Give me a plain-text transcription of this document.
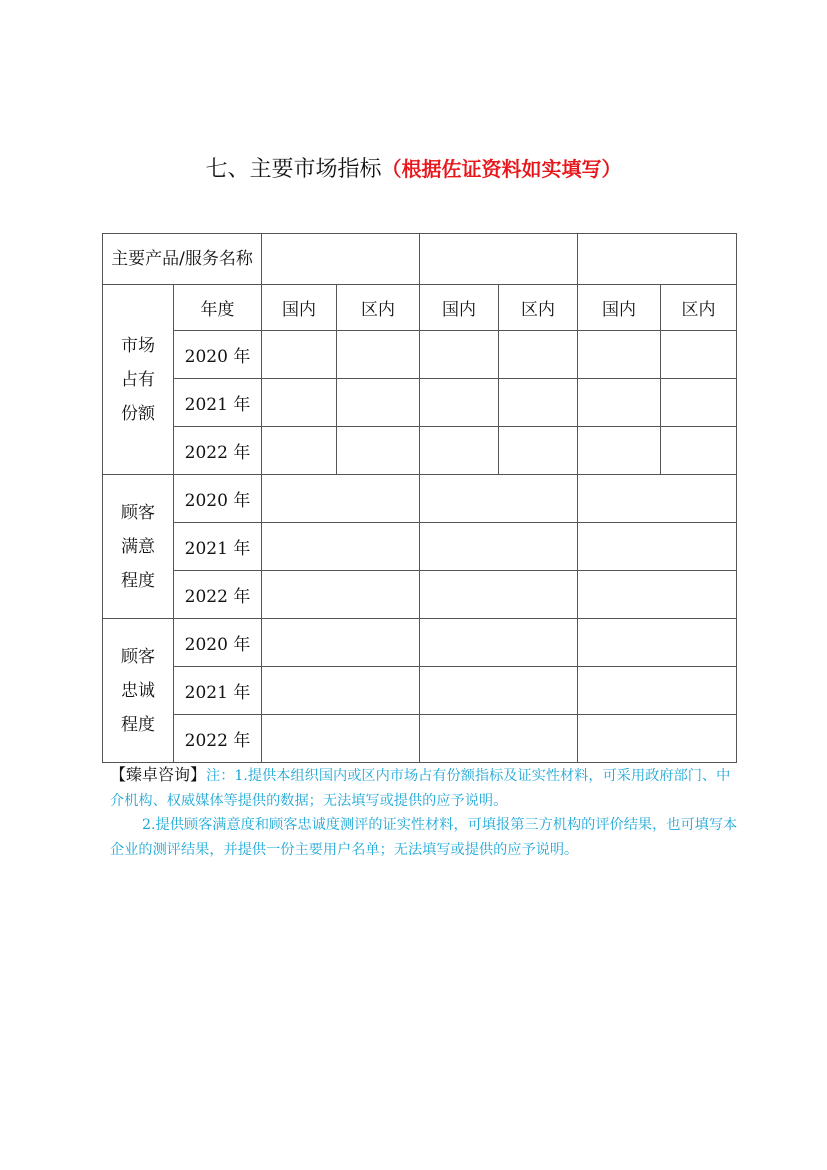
七、主要市场指标（根据佐证资料如实填写）
主要产品/服务名称							
市场
占有
份额	年度	国内	区内	国内	区内	国内	区内
	2020 年						
	2021 年						
	2022 年						
顾客
满意
程度	2020 年						
	2021 年						
	2022 年						
顾客
忠诚
程度	2020 年						
	2021 年						
	2022 年						

【臻卓咨询】注：1.提供本组织国内或区内市场占有份额指标及证实性材料，可采用政府部门、中介机构、权威媒体等提供的数据；无法填写或提供的应予说明。

2.提供顾客满意度和顾客忠诚度测评的证实性材料，可填报第三方机构的评价结果，也可填写本企业的测评结果，并提供一份主要用户名单；无法填写或提供的应予说明。
